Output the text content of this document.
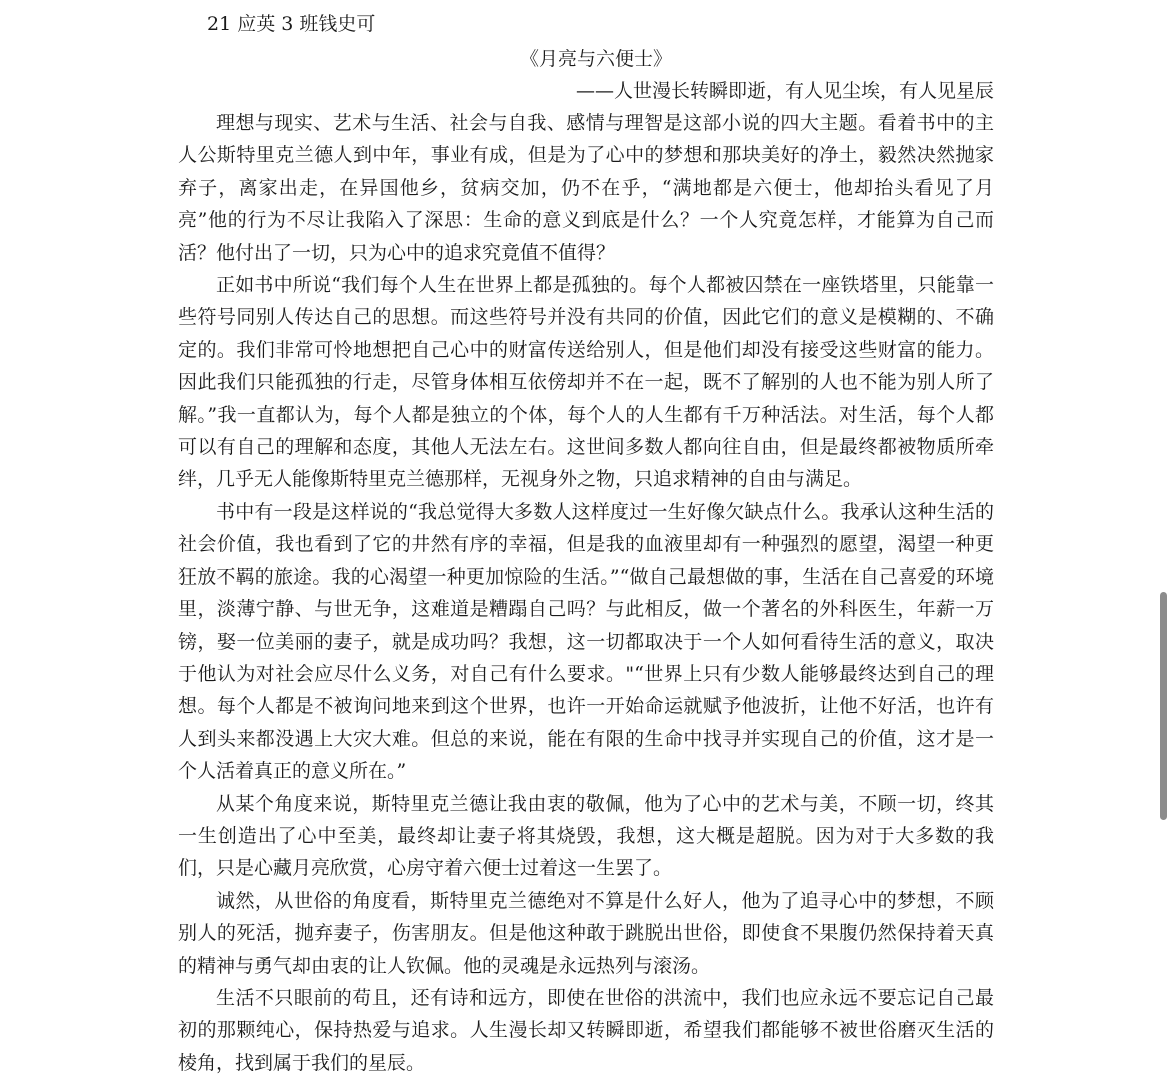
21 应英 3 班钱史可
《月亮与六便士》
——人世漫长转瞬即逝，有人见尘埃，有人见星辰

理想与现实、艺术与生活、社会与自我、感情与理智是这部小说的四大主题。看着书中的主人公斯特里克兰德人到中年，事业有成，但是为了心中的梦想和那块美好的净土，毅然决然抛家弃子，离家出走，在异国他乡，贫病交加，仍不在乎，“满地都是六便士，他却抬头看见了月亮”他的行为不尽让我陷入了深思：生命的意义到底是什么？一个人究竟怎样，才能算为自己而活？他付出了一切，只为心中的追求究竟值不值得？

正如书中所说“我们每个人生在世界上都是孤独的。每个人都被囚禁在一座铁塔里，只能靠一些符号同别人传达自己的思想。而这些符号并没有共同的价值，因此它们的意义是模糊的、不确定的。我们非常可怜地想把自己心中的财富传送给别人，但是他们却没有接受这些财富的能力。因此我们只能孤独的行走，尽管身体相互依傍却并不在一起，既不了解别的人也不能为别人所了解。”我一直都认为，每个人都是独立的个体，每个人的人生都有千万种活法。对生活，每个人都可以有自己的理解和态度，其他人无法左右。这世间多数人都向往自由，但是最终都被物质所牵绊，几乎无人能像斯特里克兰德那样，无视身外之物，只追求精神的自由与满足。

书中有一段是这样说的“我总觉得大多数人这样度过一生好像欠缺点什么。我承认这种生活的社会价值，我也看到了它的井然有序的幸福，但是我的血液里却有一种强烈的愿望，渴望一种更狂放不羁的旅途。我的心渴望一种更加惊险的生活。”“做自己最想做的事，生活在自己喜爱的环境里，淡薄宁静、与世无争，这难道是糟蹋自己吗？与此相反，做一个著名的外科医生，年薪一万镑，娶一位美丽的妻子，就是成功吗？我想，这一切都取决于一个人如何看待生活的意义，取决于他认为对社会应尽什么义务，对自己有什么要求。"“世界上只有少数人能够最终达到自己的理想。每个人都是不被询问地来到这个世界，也许一开始命运就赋予他波折，让他不好活，也许有人到头来都没遇上大灾大难。但总的来说，能在有限的生命中找寻并实现自己的价值，这才是一个人活着真正的意义所在。”

从某个角度来说，斯特里克兰德让我由衷的敬佩，他为了心中的艺术与美，不顾一切，终其一生创造出了心中至美，最终却让妻子将其烧毁，我想，这大概是超脱。因为对于大多数的我们，只是心藏月亮欣赏，心房守着六便士过着这一生罢了。

诚然，从世俗的角度看，斯特里克兰德绝对不算是什么好人，他为了追寻心中的梦想，不顾别人的死活，抛弃妻子，伤害朋友。但是他这种敢于跳脱出世俗，即使食不果腹仍然保持着天真的精神与勇气却由衷的让人钦佩。他的灵魂是永远热列与滚汤。

生活不只眼前的苟且，还有诗和远方，即使在世俗的洪流中，我们也应永远不要忘记自己最初的那颗纯心，保持热爱与追求。人生漫长却又转瞬即逝，希望我们都能够不被世俗磨灭生活的棱角，找到属于我们的星辰。
